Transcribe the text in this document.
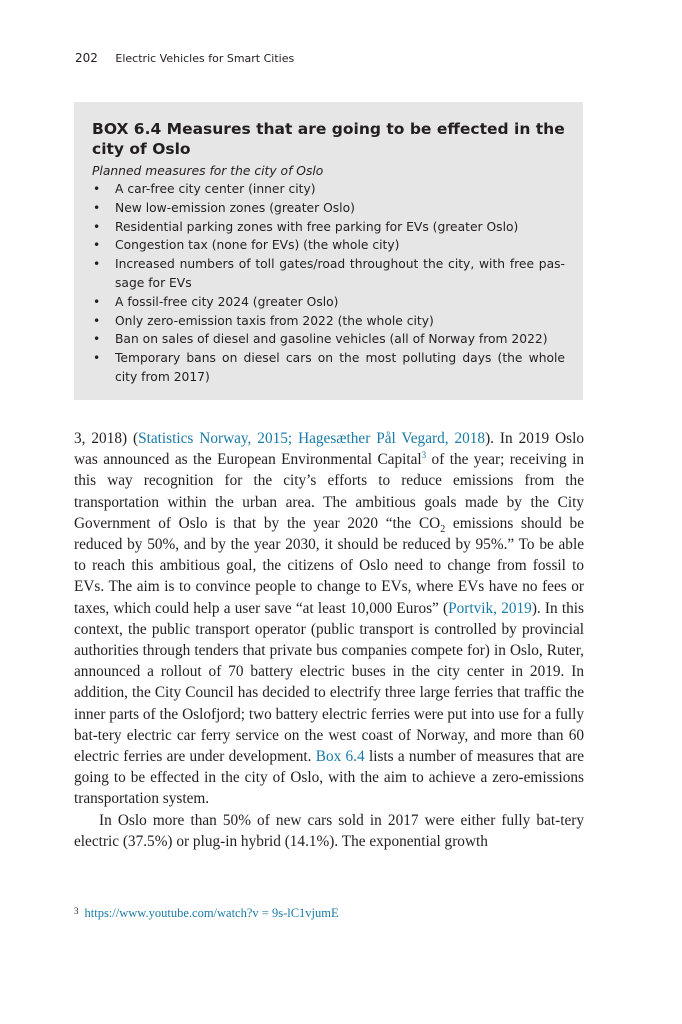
202 Electric Vehicles for Smart Cities
BOX 6.4 Measures that are going to be effected in the city of Oslo
Planned measures for the city of Oslo
• A car-free city center (inner city)
• New low-emission zones (greater Oslo)
• Residential parking zones with free parking for EVs (greater Oslo)
• Congestion tax (none for EVs) (the whole city)
• Increased numbers of toll gates/road throughout the city, with free pas-sage for EVs
• A fossil-free city 2024 (greater Oslo)
• Only zero-emission taxis from 2022 (the whole city)
• Ban on sales of diesel and gasoline vehicles (all of Norway from 2022)
• Temporary bans on diesel cars on the most polluting days (the whole city from 2017)

3, 2018) (Statistics Norway, 2015; Hagesæther Pål Vegard, 2018). In 2019 Oslo was announced as the European Environmental Capital$^3$ of the year; receiving in this way recognition for the city’s efforts to reduce emissions from the transportation within the urban area. The ambitious goals made by the City Government of Oslo is that by the year 2020 “the $CO_2$ emissions should be reduced by 50%, and by the year 2030, it should be reduced by 95%.” To be able to reach this ambitious goal, the citizens of Oslo need to change from fossil to EVs. The aim is to convince people to change to EVs, where EVs have no fees or taxes, which could help a user save “at least 10,000 Euros” (Portvik, 2019). In this context, the public transport operator (public transport is controlled by provincial authorities through tenders that private bus companies compete for) in Oslo, Ruter, announced a rollout of 70 battery electric buses in the city center in 2019. In addition, the City Council has decided to electrify three large ferries that traffic the inner parts of the Oslofjord; two battery electric ferries were put into use for a fully bat-tery electric car ferry service on the west coast of Norway, and more than 60 electric ferries are under development. Box 6.4 lists a number of measures that are going to be effected in the city of Oslo, with the aim to achieve a zero-emissions transportation system.

In Oslo more than 50% of new cars sold in 2017 were either fully bat-tery electric (37.5%) or plug-in hybrid (14.1%). The exponential growth

$^3$ https://www.youtube.com/watch?v = 9s-lC1vjumE
